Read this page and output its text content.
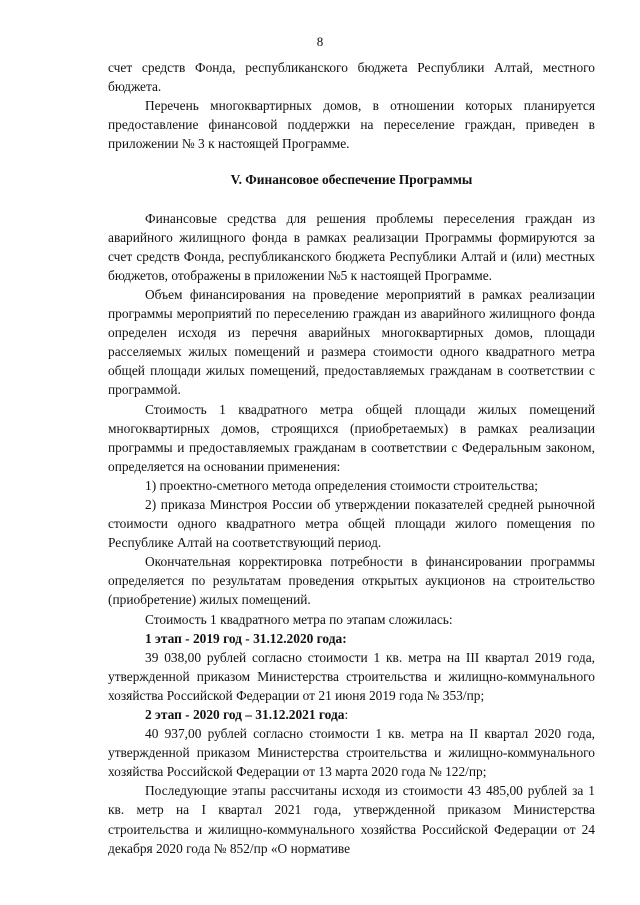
8

счет средств Фонда, республиканского бюджета Республики Алтай, местного бюджета.

Перечень многоквартирных домов, в отношении которых планируется предоставление финансовой поддержки на переселение граждан, приведен в приложении № 3 к настоящей Программе.

V. Финансовое обеспечение Программы

Финансовые средства для решения проблемы переселения граждан из аварийного жилищного фонда в рамках реализации Программы формируются за счет средств Фонда, республиканского бюджета Республики Алтай и (или) местных бюджетов, отображены в приложении №5 к настоящей Программе.

Объем финансирования на проведение мероприятий в рамках реализации программы мероприятий по переселению граждан из аварийного жилищного фонда определен исходя из перечня аварийных многоквартирных домов, площади расселяемых жилых помещений и размера стоимости одного квадратного метра общей площади жилых помещений, предоставляемых гражданам в соответствии с программой.

Стоимость 1 квадратного метра общей площади жилых помещений многоквартирных домов, строящихся (приобретаемых) в рамках реализации программы и предоставляемых гражданам в соответствии с Федеральным законом, определяется на основании применения:

1) проектно-сметного метода определения стоимости строительства;

2) приказа Минстроя России об утверждении показателей средней рыночной стоимости одного квадратного метра общей площади жилого помещения по Республике Алтай на соответствующий период.

Окончательная корректировка потребности в финансировании программы определяется по результатам проведения открытых аукционов на строительство (приобретение) жилых помещений.

Стоимость 1 квадратного метра по этапам сложилась:

1 этап - 2019 год - 31.12.2020 года:

39 038,00 рублей согласно стоимости 1 кв. метра на III квартал 2019 года, утвержденной приказом Министерства строительства и жилищно-коммунального хозяйства Российской Федерации от 21 июня 2019 года № 353/пр;

2 этап - 2020 год – 31.12.2021 года:

40 937,00 рублей согласно стоимости 1 кв. метра на II квартал 2020 года, утвержденной приказом Министерства строительства и жилищно-коммунального хозяйства Российской Федерации от 13 марта 2020 года № 122/пр;

Последующие этапы рассчитаны исходя из стоимости 43 485,00 рублей за 1 кв. метр на I квартал 2021 года, утвержденной приказом Министерства строительства и жилищно-коммунального хозяйства Российской Федерации от 24 декабря 2020 года № 852/пр «О нормативе
